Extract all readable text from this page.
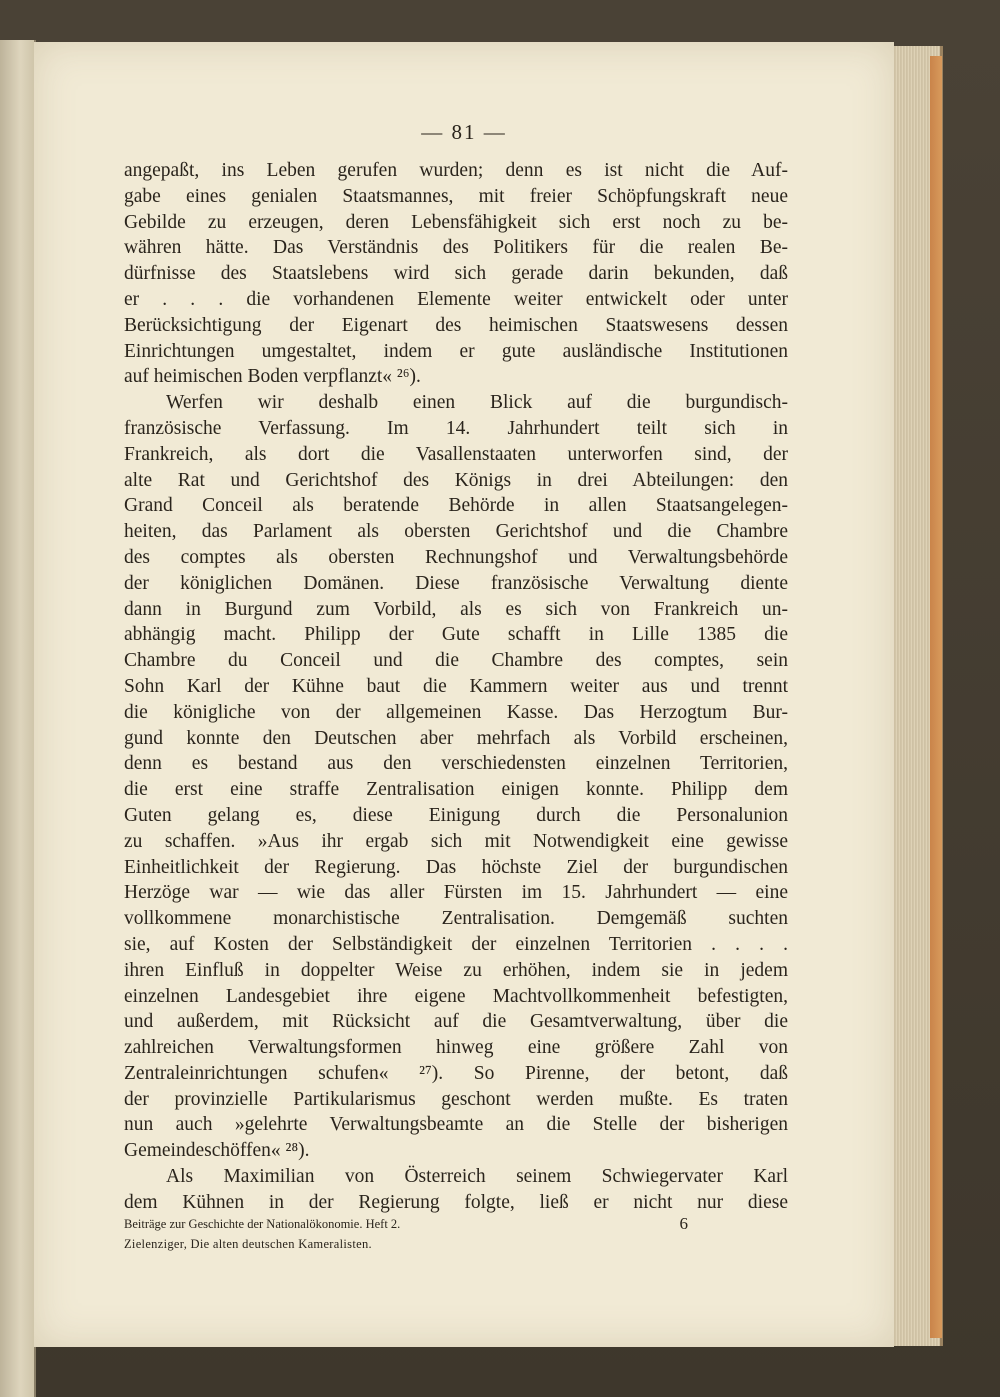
— 81 —
angepaßt, ins Leben gerufen wurden; denn es ist nicht die Auf-
gabe eines genialen Staatsmannes, mit freier Schöpfungskraft neue
Gebilde zu erzeugen, deren Lebensfähigkeit sich erst noch zu be-
währen hätte. Das Verständnis des Politikers für die realen Be-
dürfnisse des Staatslebens wird sich gerade darin bekunden, daß
er . . . die vorhandenen Elemente weiter entwickelt oder unter
Berücksichtigung der Eigenart des heimischen Staatswesens dessen
Einrichtungen umgestaltet, indem er gute ausländische Institutionen
auf heimischen Boden verpflanzt« ²⁶).
Werfen wir deshalb einen Blick auf die burgundisch-
französische Verfassung. Im 14. Jahrhundert teilt sich in
Frankreich, als dort die Vasallenstaaten unterworfen sind, der
alte Rat und Gerichtshof des Königs in drei Abteilungen: den
Grand Conceil als beratende Behörde in allen Staatsangelegen-
heiten, das Parlament als obersten Gerichtshof und die Chambre
des comptes als obersten Rechnungshof und Verwaltungsbehörde
der königlichen Domänen. Diese französische Verwaltung diente
dann in Burgund zum Vorbild, als es sich von Frankreich un-
abhängig macht. Philipp der Gute schafft in Lille 1385 die
Chambre du Conceil und die Chambre des comptes, sein
Sohn Karl der Kühne baut die Kammern weiter aus und trennt
die königliche von der allgemeinen Kasse. Das Herzogtum Bur-
gund konnte den Deutschen aber mehrfach als Vorbild erscheinen,
denn es bestand aus den verschiedensten einzelnen Territorien,
die erst eine straffe Zentralisation einigen konnte. Philipp dem
Guten gelang es, diese Einigung durch die Personalunion
zu schaffen. »Aus ihr ergab sich mit Notwendigkeit eine gewisse
Einheitlichkeit der Regierung. Das höchste Ziel der burgundischen
Herzöge war — wie das aller Fürsten im 15. Jahrhundert — eine
vollkommene monarchistische Zentralisation. Demgemäß suchten
sie, auf Kosten der Selbständigkeit der einzelnen Territorien . . . .
ihren Einfluß in doppelter Weise zu erhöhen, indem sie in jedem
einzelnen Landesgebiet ihre eigene Machtvollkommenheit befestigten,
und außerdem, mit Rücksicht auf die Gesamtverwaltung, über die
zahlreichen Verwaltungsformen hinweg eine größere Zahl von
Zentraleinrichtungen schufen« ²⁷). So Pirenne, der betont, daß
der provinzielle Partikularismus geschont werden mußte. Es traten
nun auch »gelehrte Verwaltungsbeamte an die Stelle der bisherigen
Gemeindeschöffen« ²⁸).
Als Maximilian von Österreich seinem Schwiegervater Karl
dem Kühnen in der Regierung folgte, ließ er nicht nur diese
Beiträge zur Geschichte der Nationalökonomie. Heft 2.	6
Zielenziger, Die alten deutschen Kameralisten.
